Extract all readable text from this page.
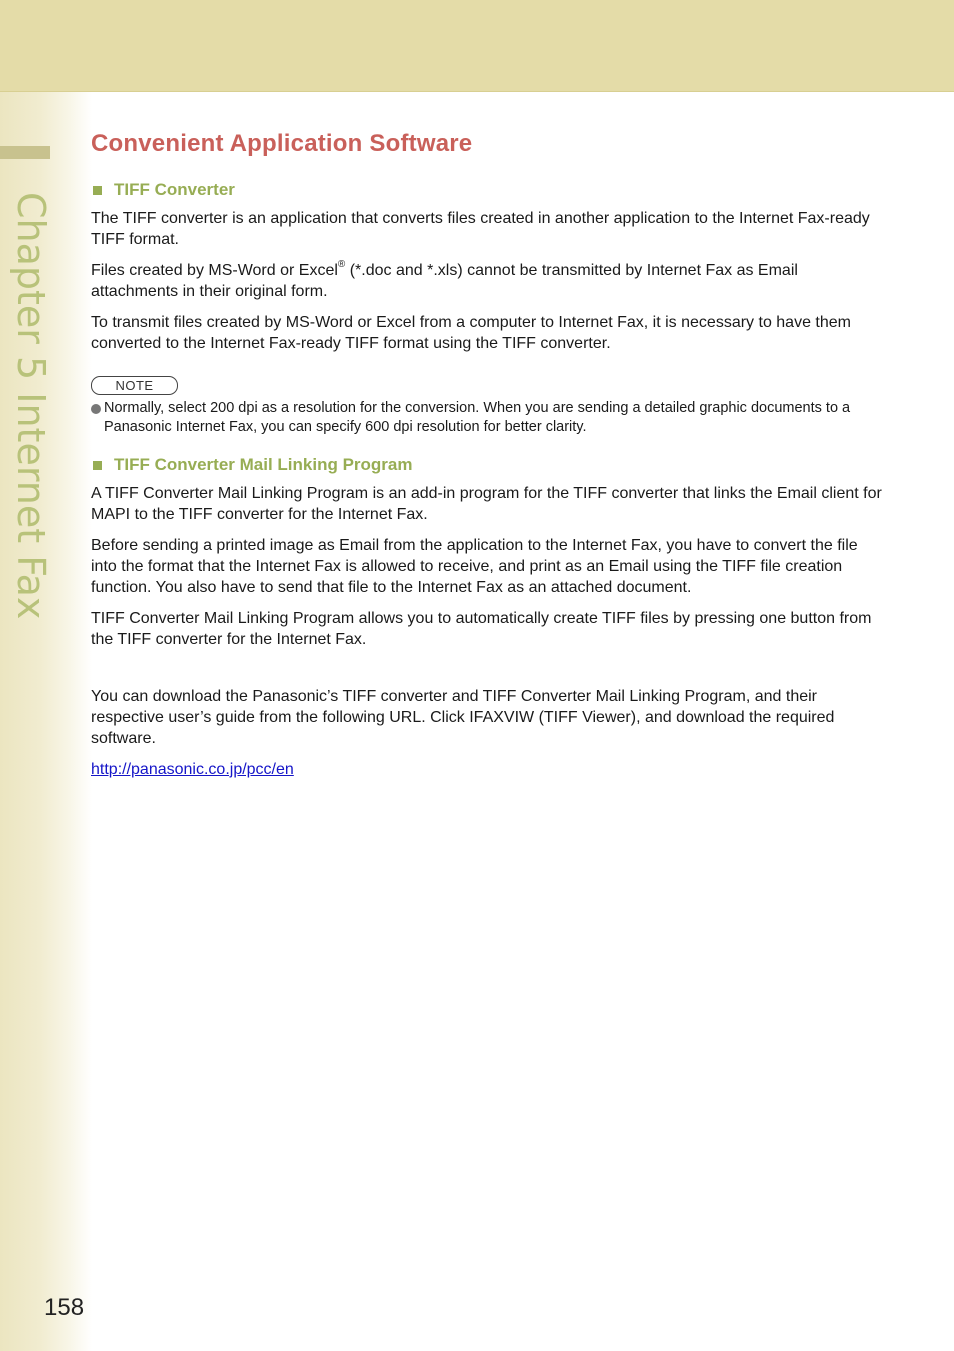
Chapter 5 Internet Fax
158
Convenient Application Software
TIFF Converter

The TIFF converter is an application that converts files created in another application to the Internet Fax-ready TIFF format.

Files created by MS-Word or Excel® (*.doc and *.xls) cannot be transmitted by Internet Fax as Email attachments in their original form.

To transmit files created by MS-Word or Excel from a computer to Internet Fax, it is necessary to have them converted to the Internet Fax-ready TIFF format using the TIFF converter.

NOTE
Normally, select 200 dpi as a resolution for the conversion. When you are sending a detailed graphic documents to a Panasonic Internet Fax, you can specify 600 dpi resolution for better clarity.
TIFF Converter Mail Linking Program

A TIFF Converter Mail Linking Program is an add-in program for the TIFF converter that links the Email client for MAPI to the TIFF converter for the Internet Fax.

Before sending a printed image as Email from the application to the Internet Fax, you have to convert the file into the format that the Internet Fax is allowed to receive, and print as an Email using the TIFF file creation function. You also have to send that file to the Internet Fax as an attached document.

TIFF Converter Mail Linking Program allows you to automatically create TIFF files by pressing one button from the TIFF converter for the Internet Fax.

You can download the Panasonic’s TIFF converter and TIFF Converter Mail Linking Program, and their respective user’s guide from the following URL. Click IFAXVIW (TIFF Viewer), and download the required software.

http://panasonic.co.jp/pcc/en
